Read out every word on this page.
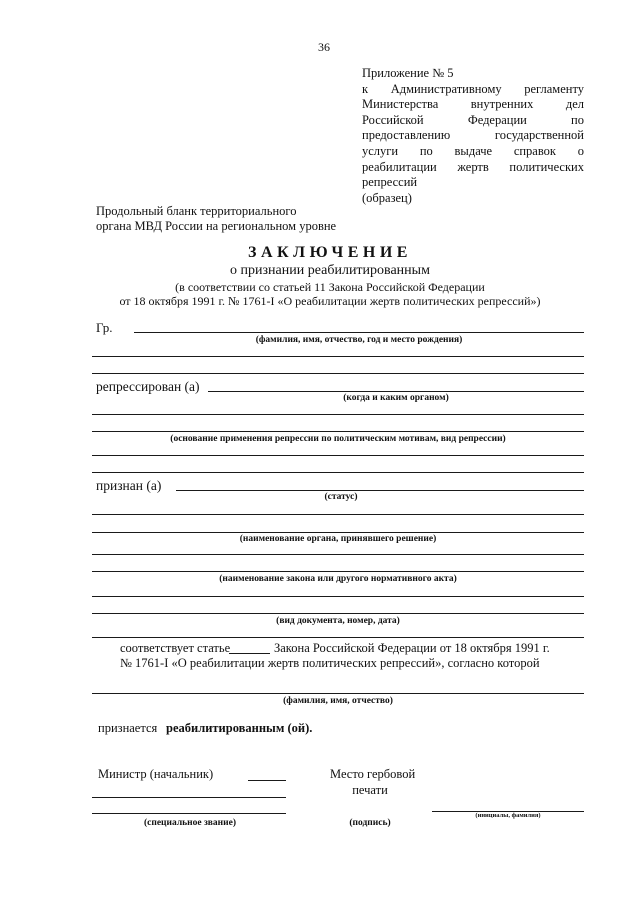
36
Приложение № 5
к Административному регламенту
Министерства внутренних дел
Российской Федерации по
предоставлению государственной
услуги по выдаче справок о
реабилитации жертв политических
репрессий
(образец)
Продольный бланк территориального
органа МВД России на региональном уровне
ЗАКЛЮЧЕНИЕ
о признании реабилитированным
(в соответствии со статьей 11 Закона Российской Федерации
от 18 октября 1991 г. № 1761-I «О реабилитации жертв политических репрессий»)
Гр.
(фамилия, имя, отчество, год и место рождения)
репрессирован (а)
(когда и каким органом)
(основание применения репрессии по политическим мотивам, вид репрессии)
признан (а)
(статус)
(наименование органа, принявшего решение)
(наименование закона или другого нормативного акта)
(вид документа, номер, дата)
соответствует статье	Закона Российской Федерации от 18 октября 1991 г.
№ 1761-I «О реабилитации жертв политических репрессий», согласно которой
(фамилия, имя, отчество)
признается реабилитированным (ой).
Министр (начальник)	Место гербовой
печати
(инициалы, фамилия)
(специальное звание)	(подпись)
